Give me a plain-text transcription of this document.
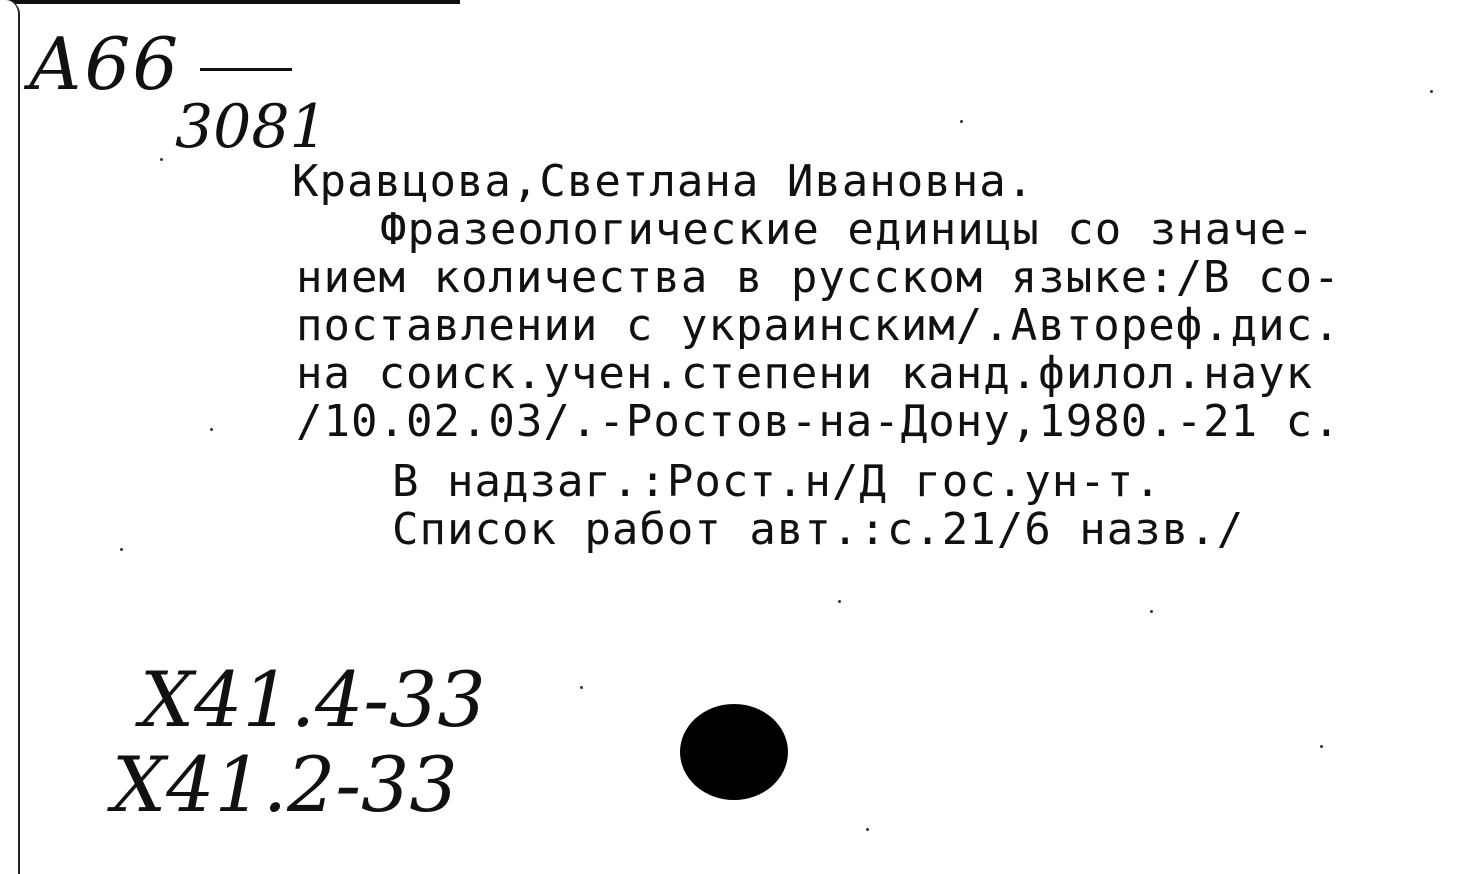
А66
3081
Кравцова,Светлана Ивановна.
Фразеологические единицы со значе-
нием количества в русском языке:/В со-
поставлении с украинским/.Автореф.дис.
на соиск.учен.степени канд.филол.наук
/10.02.03/.-Ростов-на-Дону,1980.-21 с.
В надзаг.:Рост.н/Д гос.ун-т.
Список работ авт.:с.21/6 назв./
Х41.4-33
Х41.2-33
